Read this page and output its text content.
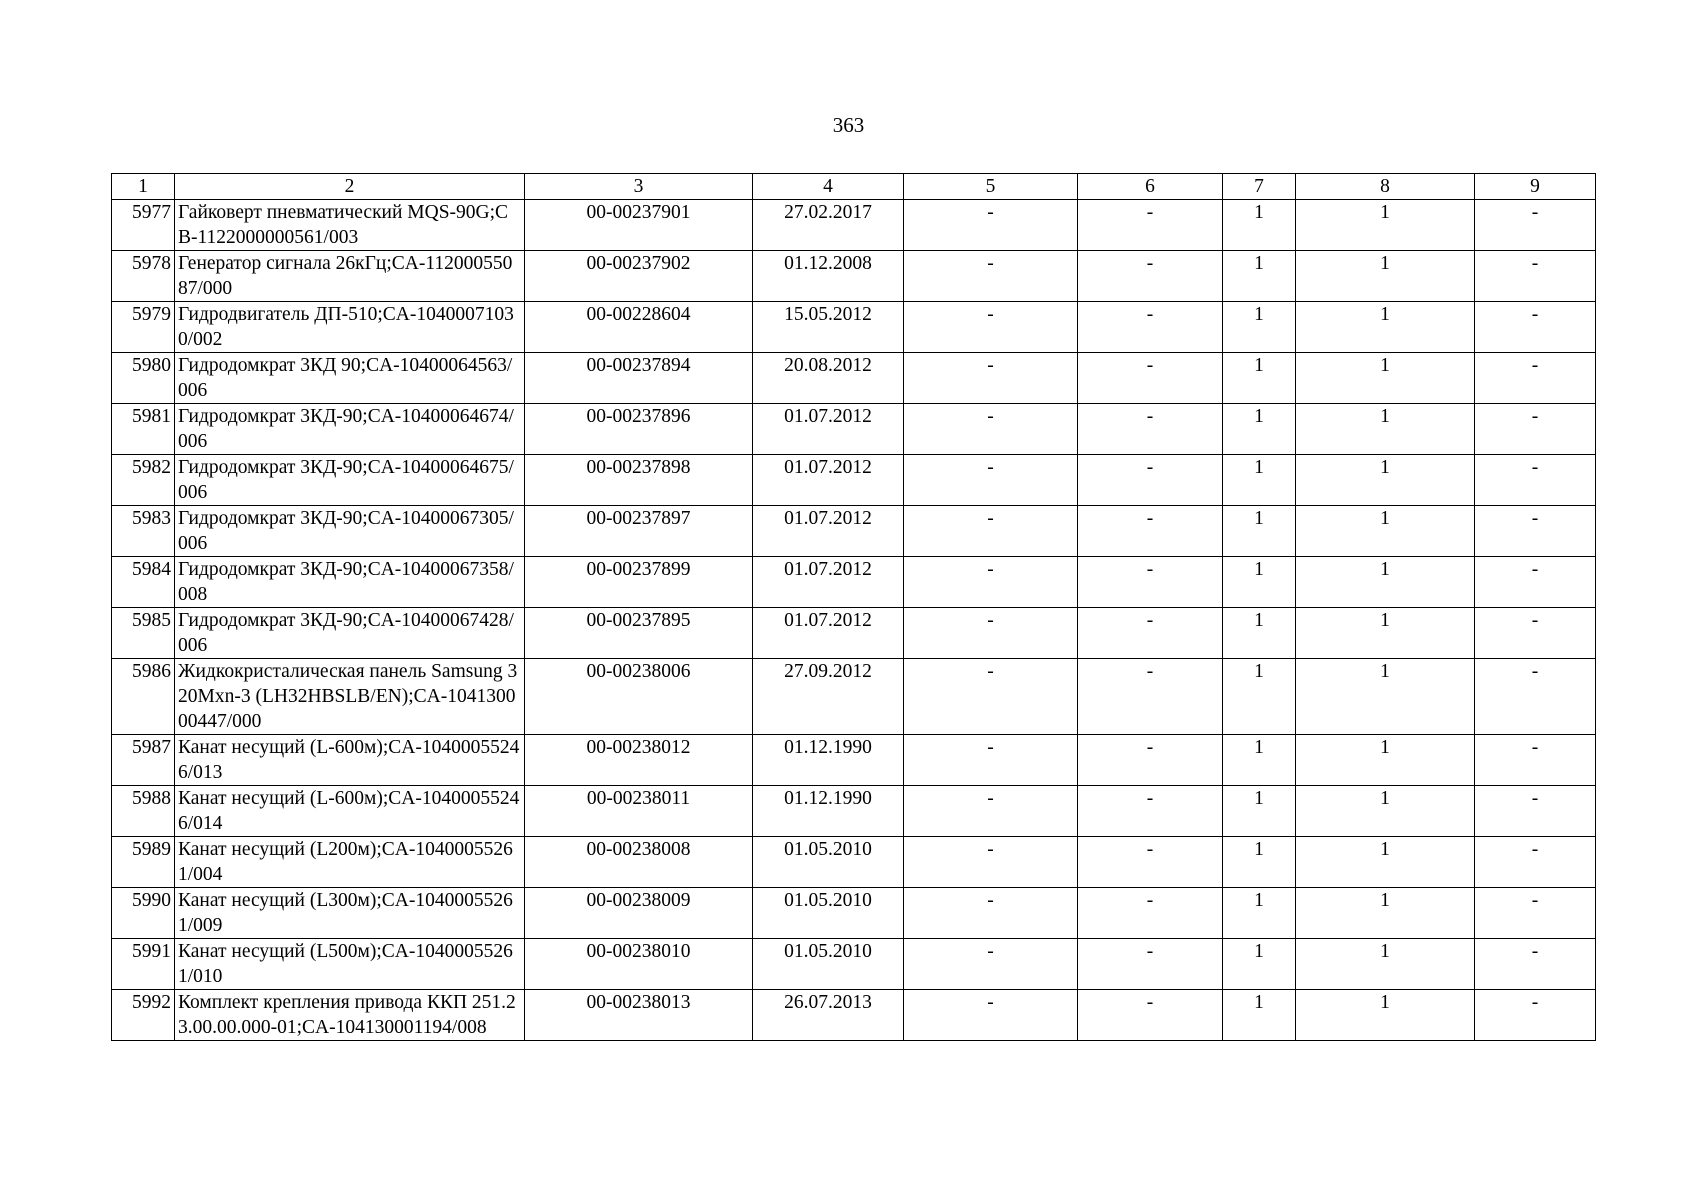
363
1	2	3	4	5	6	7	8	9
5977	Гайковерт пневматический MQS-90G;CB-1122000000561/003	00-00237901	27.02.2017	-	-	1	1	-
5978	Генератор сигнала 26кГц;CA-11200055087/000	00-00237902	01.12.2008	-	-	1	1	-
5979	Гидродвигатель ДП-510;CA-10400071030/002	00-00228604	15.05.2012	-	-	1	1	-
5980	Гидродомкрат 3КД 90;CA-10400064563/006	00-00237894	20.08.2012	-	-	1	1	-
5981	Гидродомкрат 3КД-90;CA-10400064674/006	00-00237896	01.07.2012	-	-	1	1	-
5982	Гидродомкрат 3КД-90;CA-10400064675/006	00-00237898	01.07.2012	-	-	1	1	-
5983	Гидродомкрат 3КД-90;CA-10400067305/006	00-00237897	01.07.2012	-	-	1	1	-
5984	Гидродомкрат 3КД-90;CA-10400067358/008	00-00237899	01.07.2012	-	-	1	1	-
5985	Гидродомкрат 3КД-90;CA-10400067428/006	00-00237895	01.07.2012	-	-	1	1	-
5986	Жидкокристалическая панель Samsung 320Mxn-3 (LH32HBSLB/EN);CA-104130000447/000	00-00238006	27.09.2012	-	-	1	1	-
5987	Канат несущий (L-600м);CA-10400055246/013	00-00238012	01.12.1990	-	-	1	1	-
5988	Канат несущий (L-600м);CA-10400055246/014	00-00238011	01.12.1990	-	-	1	1	-
5989	Канат несущий (L200м);CA-10400055261/004	00-00238008	01.05.2010	-	-	1	1	-
5990	Канат несущий (L300м);CA-10400055261/009	00-00238009	01.05.2010	-	-	1	1	-
5991	Канат несущий (L500м);CA-10400055261/010	00-00238010	01.05.2010	-	-	1	1	-
5992	Комплект крепления привода ККП 251.23.00.00.000-01;CA-104130001194/008	00-00238013	26.07.2013	-	-	1	1	-
